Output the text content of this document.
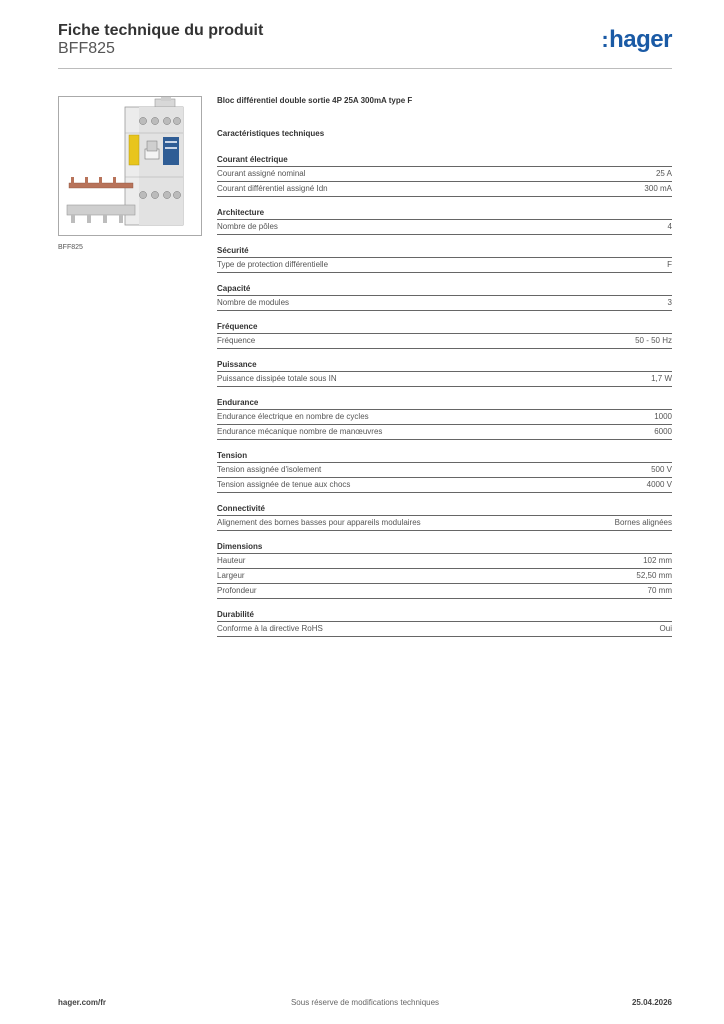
Fiche technique du produit
BFF825	:hager
BFF825
Bloc différentiel double sortie 4P 25A 300mA type F
Caractéristiques techniques
Courant électrique
Courant assigné nominal	25 A
Courant différentiel assigné Idn	300 mA
Architecture
Nombre de pôles	4
Sécurité
Type de protection différentielle	F
Capacité
Nombre de modules	3
Fréquence
Fréquence	50 - 50 Hz
Puissance
Puissance dissipée totale sous IN	1,7 W
Endurance
Endurance électrique en nombre de cycles	1000
Endurance mécanique nombre de manœuvres	6000
Tension
Tension assignée d'isolement	500 V
Tension assignée de tenue aux chocs	4000 V
Connectivité
Alignement des bornes basses pour appareils modulaires	Bornes alignées
Dimensions
Hauteur	102 mm
Largeur	52,50 mm
Profondeur	70 mm
Durabilité
Conforme à la directive RoHS	Oui
hager.com/fr	Sous réserve de modifications techniques	25.04.2026
